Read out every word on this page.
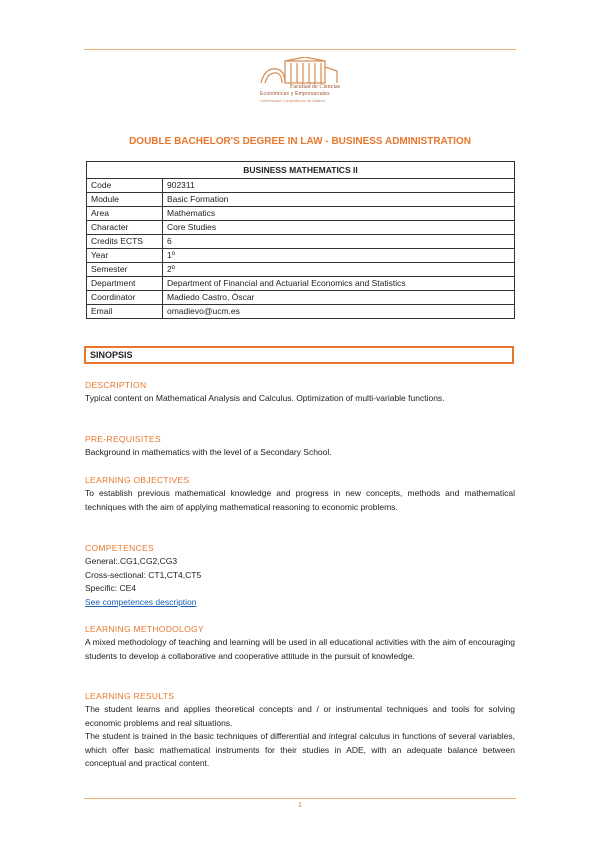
Facultad de Ciencias
Económicas y Empresariales
Universidad Complutense de Madrid
DOUBLE BACHELOR'S DEGREE IN LAW - BUSINESS ADMINISTRATION
BUSINESS MATHEMATICS II	
Code	902311
Module	Basic Formation
Area	Mathematics
Character	Core Studies
Credits ECTS	6
Year	1º
Semester	2º
Department	Department of Financial and Actuarial Economics and Statistics
Coordinator	Madiedo Castro, Óscar
Email	omadievo@ucm.es
SINOPSIS
DESCRIPTION
Typical content on Mathematical Analysis and Calculus. Optimization of multi-variable functions.
PRE-REQUISITES
Background in mathematics with the level of a Secondary School.
LEARNING OBJECTIVES
To establish previous mathematical knowledge and progress in new concepts, methods and mathematical techniques with the aim of applying mathematical reasoning to economic problems.
COMPETENCES
General:.CG1,CG2,CG3
Cross-sectional: CT1,CT4,CT5
Specific: CE4
See competences description
LEARNING METHODOLOGY
A mixed methodology of teaching and learning will be used in all educational activities with the aim of encouraging students to develop a collaborative and cooperative attitude in the pursuit of knowledge.
LEARNING RESULTS
The student learns and applies theoretical concepts and / or instrumental techniques and tools for solving economic problems and real situations.
The student is trained in the basic techniques of differential and integral calculus in functions of several variables, which offer basic mathematical instruments for their studies in ADE, with an adequate balance between conceptual and practical content.
1
